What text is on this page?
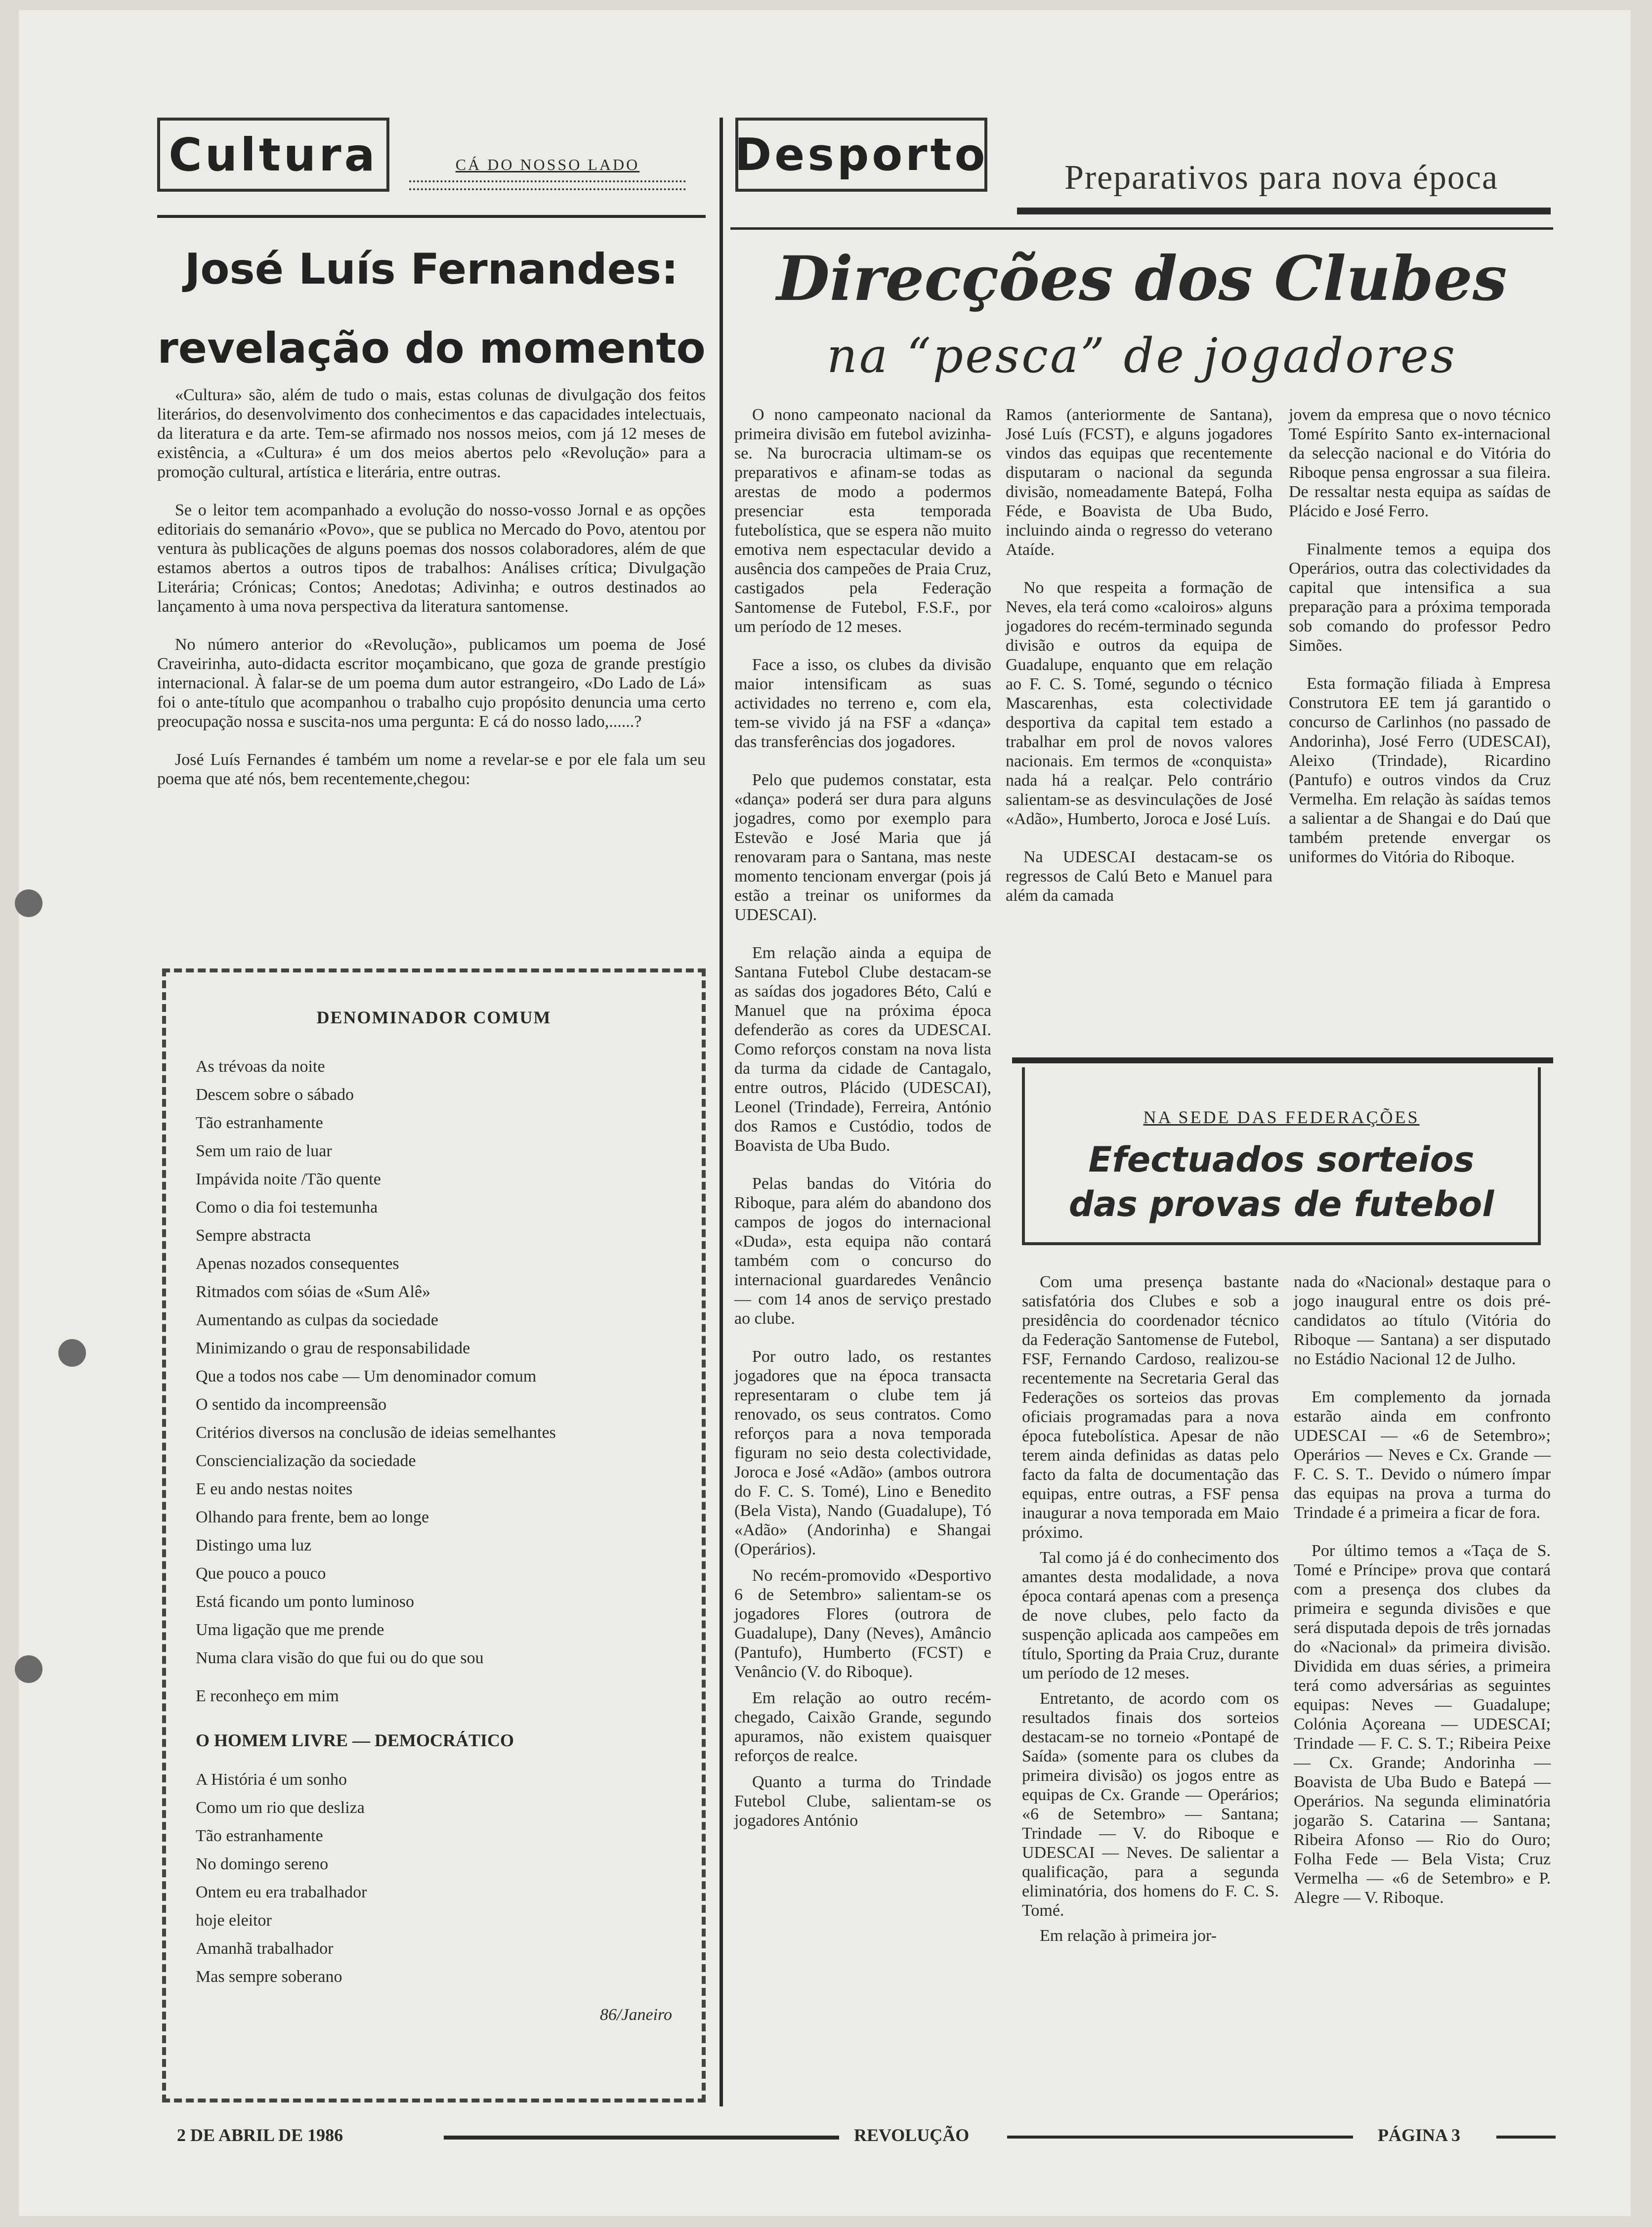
Cultura	CÁ DO NOSSO LADO
José Luís Fernandes:
revelação do momento

«Cultura» são, além de tudo o mais, estas colunas de divulgação dos feitos literários, do desenvolvimento dos conhecimentos e das capacidades intelectuais, da literatura e da arte. Tem-se afirmado nos nossos meios, com já 12 meses de existência, a «Cultura» é um dos meios abertos pelo «Revolução» para a promoção cultural, artística e literária, entre outras.

Se o leitor tem acompanhado a evolução do nosso-vosso Jornal e as opções editoriais do semanário «Povo», que se publica no Mercado do Povo, atentou por ventura às publicações de alguns poemas dos nossos colaboradores, além de que estamos abertos a outros tipos de trabalhos: Análises crítica; Divulgação Literária; Crónicas; Contos; Anedotas; Adivinha; e outros destinados ao lançamento à uma nova perspectiva da literatura santomense.

No número anterior do «Revolução», publicamos um poema de José Craveirinha, auto-didacta escritor moçambicano, que goza de grande prestígio internacional. À falar-se de um poema dum autor estrangeiro, «Do Lado de Lá» foi o ante-título que acompanhou o trabalho cujo propósito denuncia uma certo preocupação nossa e suscita-nos uma pergunta: E cá do nosso lado,......?

José Luís Fernandes é também um nome a revelar-se e por ele fala um seu poema que até nós, bem recentemente,chegou:

DENOMINADOR COMUM
As trévoas da noite
Descem sobre o sábado
Tão estranhamente
Sem um raio de luar
Impávida noite /Tão quente
Como o dia foi testemunha
Sempre abstracta
Apenas nozados consequentes
Ritmados com sóias de «Sum Alê»
Aumentando as culpas da sociedade
Minimizando o grau de responsabilidade
Que a todos nos cabe — Um denominador comum
O sentido da incompreensão
Critérios diversos na conclusão de ideias semelhantes
Consciencialização da sociedade
E eu ando nestas noites
Olhando para frente, bem ao longe
Distingo uma luz
Que pouco a pouco
Está ficando um ponto luminoso
Uma ligação que me prende
Numa clara visão do que fui ou do que sou
E reconheço em mim
O HOMEM LIVRE — DEMOCRÁTICO
A História é um sonho
Como um rio que desliza
Tão estranhamente
No domingo sereno
Ontem eu era trabalhador
hoje eleitor
Amanhã trabalhador
Mas sempre soberano
86/Janeiro
Desporto	Preparativos para nova época
Direcções dos Clubes
na “pesca” de jogadores

O nono campeonato nacional da primeira divisão em futebol avizinha-se. Na burocracia ultimam-se os preparativos e afinam-se todas as arestas de modo a podermos presenciar esta temporada futebolística, que se espera não muito emotiva nem espectacular devido a ausência dos campeões de Praia Cruz, castigados pela Federação Santomense de Futebol, F.S.F., por um período de 12 meses.

Face a isso, os clubes da divisão maior intensificam as suas actividades no terreno e, com ela, tem-se vivido já na FSF a «dança» das transferências dos jogadores.

Pelo que pudemos constatar, esta «dança» poderá ser dura para alguns jogadres, como por exemplo para Estevão e José Maria que já renovaram para o Santana, mas neste momento tencionam envergar (pois já estão a treinar os uniformes da UDESCAI).

Em relação ainda a equipa de Santana Futebol Clube destacam-se as saídas dos jogadores Béto, Calú e Manuel que na próxima época defenderão as cores da UDESCAI. Como reforços constam na nova lista da turma da cidade de Cantagalo, entre outros, Plácido (UDESCAI), Leonel (Trindade), Ferreira, António dos Ramos e Custódio, todos de Boavista de Uba Budo.

Pelas bandas do Vitória do Riboque, para além do abandono dos campos de jogos do internacional «Duda», esta equipa não contará também com o concurso do internacional guardaredes Venâncio — com 14 anos de serviço prestado ao clube.

Por outro lado, os restantes jogadores que na época transacta representaram o clube tem já renovado, os seus contratos. Como reforços para a nova temporada figuram no seio desta colectividade, Joroca e José «Adão» (ambos outrora do F. C. S. Tomé), Lino e Benedito (Bela Vista), Nando (Guadalupe), Tó «Adão» (Andorinha) e Shangai (Operários).

No recém-promovido «Desportivo 6 de Setembro» salientam-se os jogadores Flores (outrora de Guadalupe), Dany (Neves), Amâncio (Pantufo), Humberto (FCST) e Venâncio (V. do Riboque).

Em relação ao outro recém-chegado, Caixão Grande, segundo apuramos, não existem quaisquer reforços de realce.

Quanto a turma do Trindade Futebol Clube, salientam-se os jogadores António

Ramos (anteriormente de Santana), José Luís (FCST), e alguns jogadores vindos das equipas que recentemente disputaram o nacional da segunda divisão, nomeadamente Batepá, Folha Féde, e Boavista de Uba Budo, incluindo ainda o regresso do veterano Ataíde.

No que respeita a formação de Neves, ela terá como «caloiros» alguns jogadores do recém-terminado segunda divisão e outros da equipa de Guadalupe, enquanto que em relação ao F. C. S. Tomé, segundo o técnico Mascarenhas, esta colectividade desportiva da capital tem estado a trabalhar em prol de novos valores nacionais. Em termos de «conquista» nada há a realçar. Pelo contrário salientam-se as desvinculações de José «Adão», Humberto, Joroca e José Luís.

Na UDESCAI destacam-se os regressos de Calú Beto e Manuel para além da camada

jovem da empresa que o novo técnico Tomé Espírito Santo ex-internacional da selecção nacional e do Vitória do Riboque pensa engrossar a sua fileira. De ressaltar nesta equipa as saídas de Plácido e José Ferro.

Finalmente temos a equipa dos Operários, outra das colectividades da capital que intensifica a sua preparação para a próxima temporada sob comando do professor Pedro Simões.

Esta formação filiada à Empresa Construtora EE tem já garantido o concurso de Carlinhos (no passado de Andorinha), José Ferro (UDESCAI), Aleixo (Trindade), Ricardino (Pantufo) e outros vindos da Cruz Vermelha. Em relação às saídas temos a salientar a de Shangai e do Daú que também pretende envergar os uniformes do Vitória do Riboque.

NA SEDE DAS FEDERAÇÕES
Efectuados sorteios
das provas de futebol

Com uma presença bastante satisfatória dos Clubes e sob a presidência do coordenador técnico da Federação Santomense de Futebol, FSF, Fernando Cardoso, realizou-se recentemente na Secretaria Geral das Federações os sorteios das provas oficiais programadas para a nova época futebolística. Apesar de não terem ainda definidas as datas pelo facto da falta de documentação das equipas, entre outras, a FSF pensa inaugurar a nova temporada em Maio próximo.

Tal como já é do conhecimento dos amantes desta modalidade, a nova época contará apenas com a presença de nove clubes, pelo facto da suspenção aplicada aos campeões em título, Sporting da Praia Cruz, durante um período de 12 meses.

Entretanto, de acordo com os resultados finais dos sorteios destacam-se no torneio «Pontapé de Saída» (somente para os clubes da primeira divisão) os jogos entre as equipas de Cx. Grande — Operários; «6 de Setembro» — Santana; Trindade — V. do Riboque e UDESCAI — Neves. De salientar a qualificação, para a segunda eliminatória, dos homens do F. C. S. Tomé.

Em relação à primeira jor-

nada do «Nacional» destaque para o jogo inaugural entre os dois pré-candidatos ao título (Vitória do Riboque — Santana) a ser disputado no Estádio Nacional 12 de Julho.

Em complemento da jornada estarão ainda em confronto UDESCAI — «6 de Setembro»; Operários — Neves e Cx. Grande — F. C. S. T.. Devido o número ímpar das equipas na prova a turma do Trindade é a primeira a ficar de fora.

Por último temos a «Taça de S. Tomé e Príncipe» prova que contará com a presença dos clubes da primeira e segunda divisões e que será disputada depois de três jornadas do «Nacional» da primeira divisão. Dividida em duas séries, a primeira terá como adversárias as seguintes equipas: Neves — Guadalupe; Colónia Açoreana — UDESCAI; Trindade — F. C. S. T.; Ribeira Peixe — Cx. Grande; Andorinha — Boavista de Uba Budo e Batepá — Operários. Na segunda eliminatória jogarão S. Catarina — Santana; Ribeira Afonso — Rio do Ouro; Folha Fede — Bela Vista; Cruz Vermelha — «6 de Setembro» e P. Alegre — V. Riboque.

2 DE ABRIL DE 1986	REVOLUÇÃO	PÁGINA 3
